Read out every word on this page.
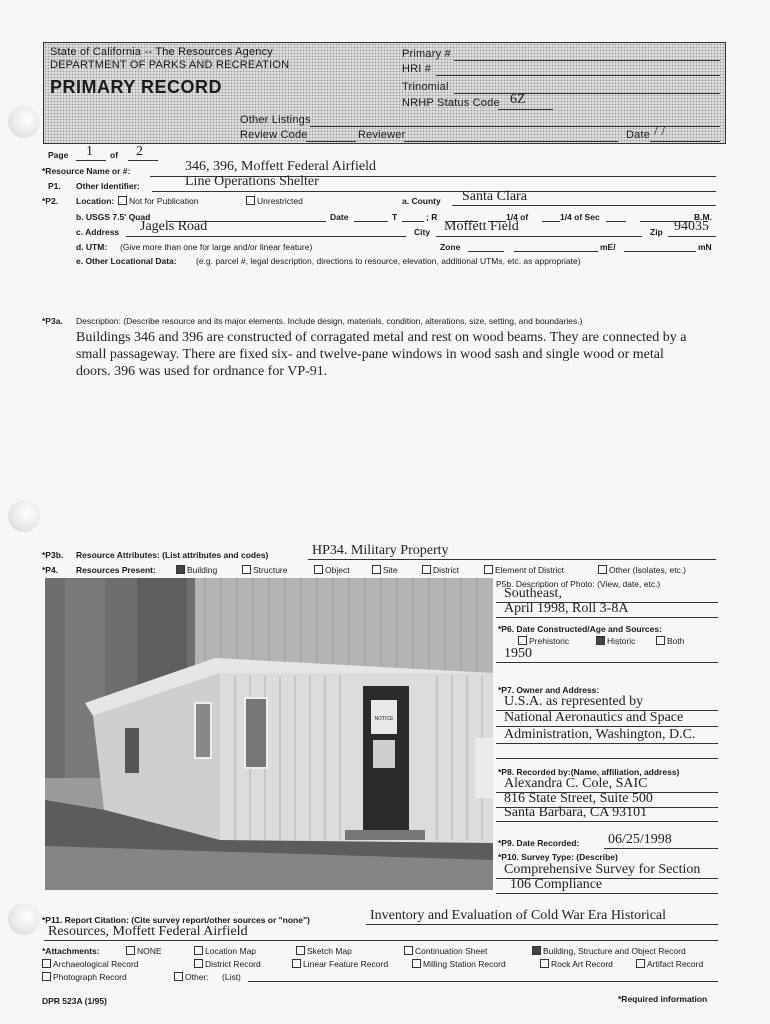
State of California -- The Resources Agency
DEPARTMENT OF PARKS AND RECREATION
PRIMARY RECORD
Primary #
HRI #
Trinomial
NRHP Status Code 6Z
Other Listings
Review Code	Reviewer	Date / /
Page 1 of 2
*Resource Name or #:	346, 396, Moffett Federal Airfield
P1. Other Identifier:	Line Operations Shelter
*P2. Location:	Not for Publication	Unrestricted	a. County Santa Clara
b. USGS 7.5' Quad	Date	T	; R	1/4 of	1/4 of Sec	B.M.
c. Address Jagels Road	City Moffett Field	Zip 94035
d. UTM: (Give more than one for large and/or linear feature)	Zone	mE/	mN
e. Other Locational Data: (e.g. parcel #, legal description, directions to resource, elevation, additional UTMs, etc. as appropriate)
*P3a. Description: (Describe resource and its major elements. Include design, materials, condition, alterations, size, setting, and boundaries.)
Buildings 346 and 396 are constructed of corragated metal and rest on wood beams. They are connected by a
small passageway. There are fixed six- and twelve-pane windows in wood sash and single wood or metal
doors. 396 was used for ordnance for VP-91.
*P3b. Resource Attributes: (List attributes and codes)	HP34. Military Property
*P4. Resources Present:	Building	Structure	Object	Site	District	Element of District	Other (Isolates, etc.)
NOTICE
P5b. Description of Photo: (View, date, etc.)
Southeast,
April 1998, Roll 3-8A
*P6. Date Constructed/Age and Sources:
Prehistoric	Historic	Both
1950
*P7. Owner and Address:
U.S.A. as represented by
National Aeronautics and Space
Administration, Washington, D.C.
*P8. Recorded by:(Name, affiliation, address)
Alexandra C. Cole, SAIC
816 State Street, Suite 500
Santa Barbara, CA 93101
*P9. Date Recorded: 06/25/1998
*P10. Survey Type: (Describe)
Comprehensive Survey for Section
106 Compliance
*P11. Report Citation: (Cite survey report/other sources or "none")	Inventory and Evaluation of Cold War Era Historical
Resources, Moffett Federal Airfield
*Attachments:	NONE	Location Map	Sketch Map	Continuation Sheet	Building, Structure and Object Record
Archaeological Record	District Record	Linear Feature Record	Milling Station Record	Rock Art Record	Artifact Record
Photograph Record	Other: (List)
DPR 523A (1/95)	*Required information
